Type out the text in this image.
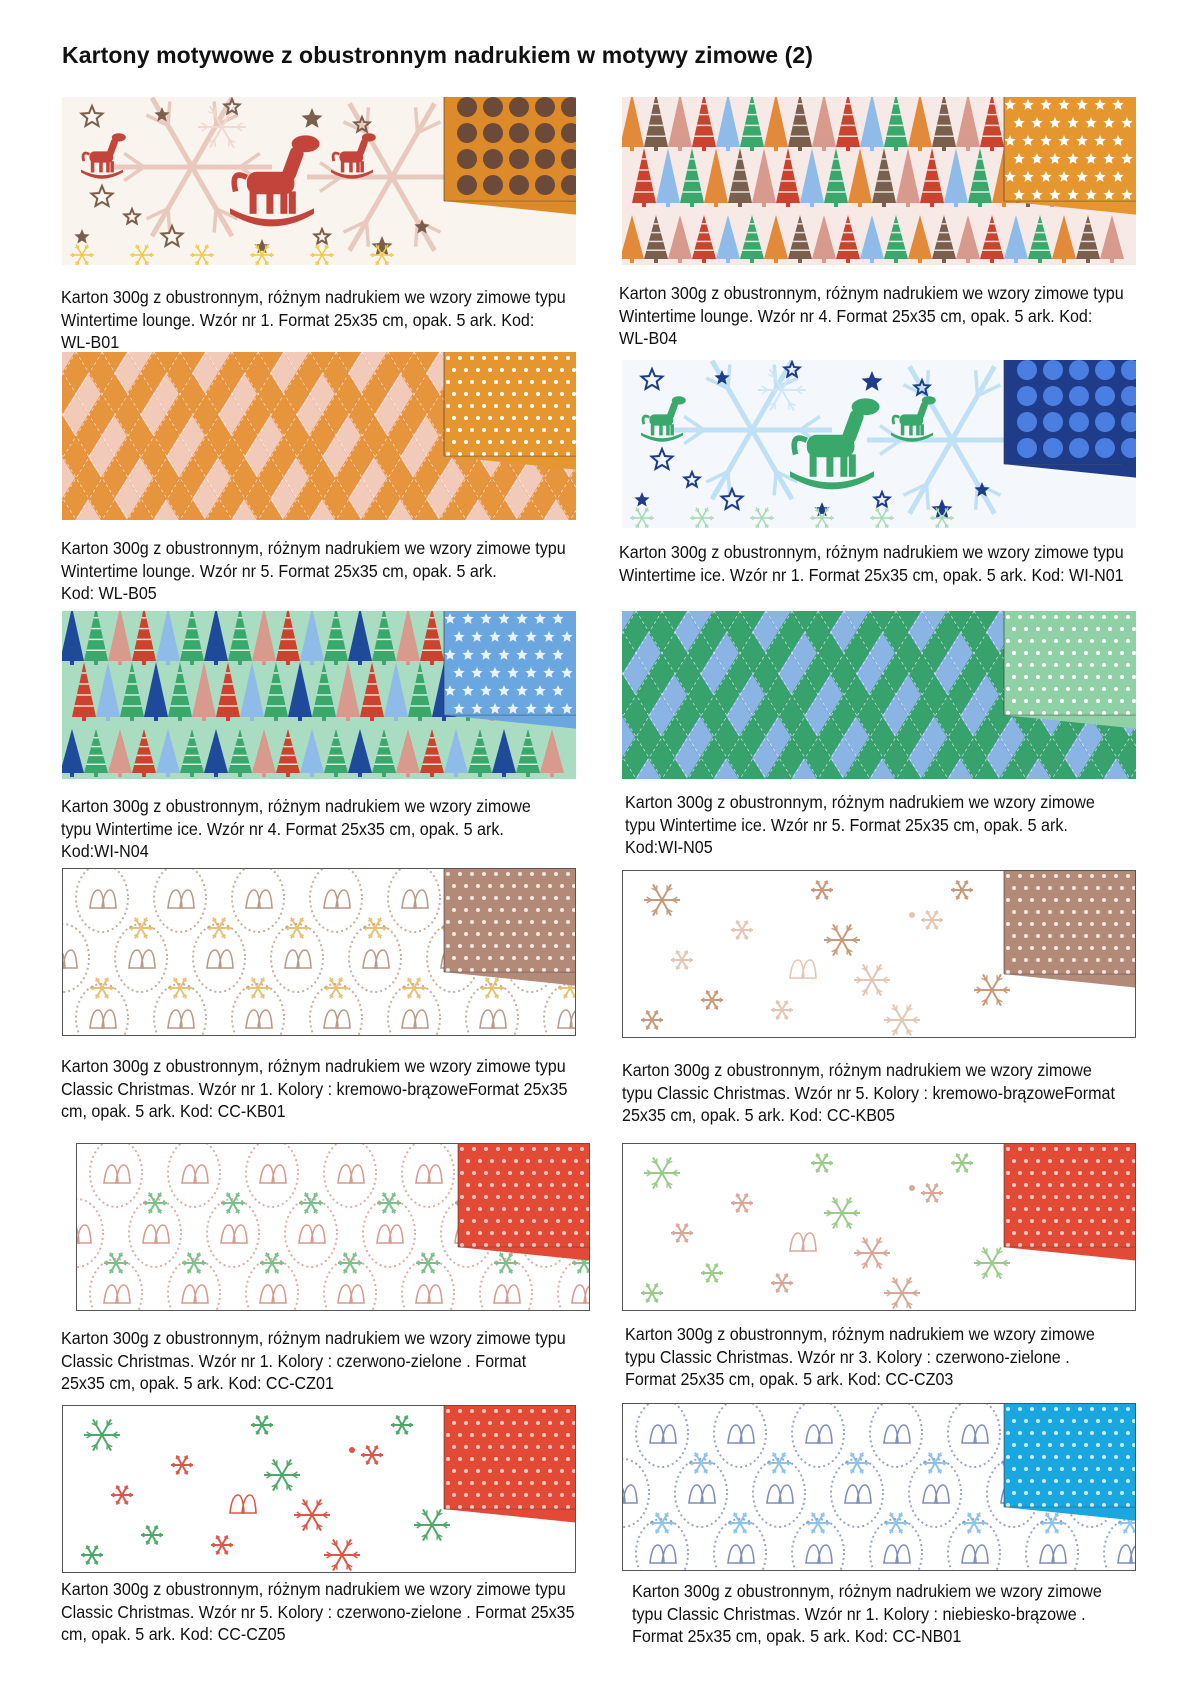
Kartony motywowe z obustronnym nadrukiem w motywy zimowe (2)
Karton 300g z obustronnym, różnym nadrukiem we wzory zimowe typu
Wintertime lounge. Wzór nr 1. Format 25x35 cm, opak. 5 ark. Kod:
WL-B01
Karton 300g z obustronnym, różnym nadrukiem we wzory zimowe typu
Wintertime lounge. Wzór nr 4. Format 25x35 cm, opak. 5 ark. Kod:
WL-B04
Karton 300g z obustronnym, różnym nadrukiem we wzory zimowe typu
Wintertime lounge. Wzór nr 5. Format 25x35 cm, opak. 5 ark.
Kod: WL-B05
Karton 300g z obustronnym, różnym nadrukiem we wzory zimowe typu
Wintertime ice. Wzór nr 1. Format 25x35 cm, opak. 5 ark. Kod: WI-N01
Karton 300g z obustronnym, różnym nadrukiem we wzory zimowe
typu Wintertime ice. Wzór nr 4. Format 25x35 cm, opak. 5 ark.
Kod:WI-N04
Karton 300g z obustronnym, różnym nadrukiem we wzory zimowe
typu Wintertime ice. Wzór nr 5. Format 25x35 cm, opak. 5 ark.
Kod:WI-N05
Karton 300g z obustronnym, różnym nadrukiem we wzory zimowe typu
Classic Christmas. Wzór nr 1. Kolory : kremowo-brązoweFormat 25x35
cm, opak. 5 ark. Kod: CC-KB01
Karton 300g z obustronnym, różnym nadrukiem we wzory zimowe
typu Classic Christmas. Wzór nr 5. Kolory : kremowo-brązoweFormat
25x35 cm, opak. 5 ark. Kod: CC-KB05
Karton 300g z obustronnym, różnym nadrukiem we wzory zimowe typu
Classic Christmas. Wzór nr 1. Kolory : czerwono-zielone . Format
25x35 cm, opak. 5 ark. Kod: CC-CZ01
Karton 300g z obustronnym, różnym nadrukiem we wzory zimowe
typu Classic Christmas. Wzór nr 3. Kolory : czerwono-zielone .
Format 25x35 cm, opak. 5 ark. Kod: CC-CZ03
Karton 300g z obustronnym, różnym nadrukiem we wzory zimowe typu
Classic Christmas. Wzór nr 5. Kolory : czerwono-zielone . Format 25x35
cm, opak. 5 ark. Kod: CC-CZ05
Karton 300g z obustronnym, różnym nadrukiem we wzory zimowe
typu Classic Christmas. Wzór nr 1. Kolory : niebiesko-brązowe .
Format 25x35 cm, opak. 5 ark. Kod: CC-NB01
